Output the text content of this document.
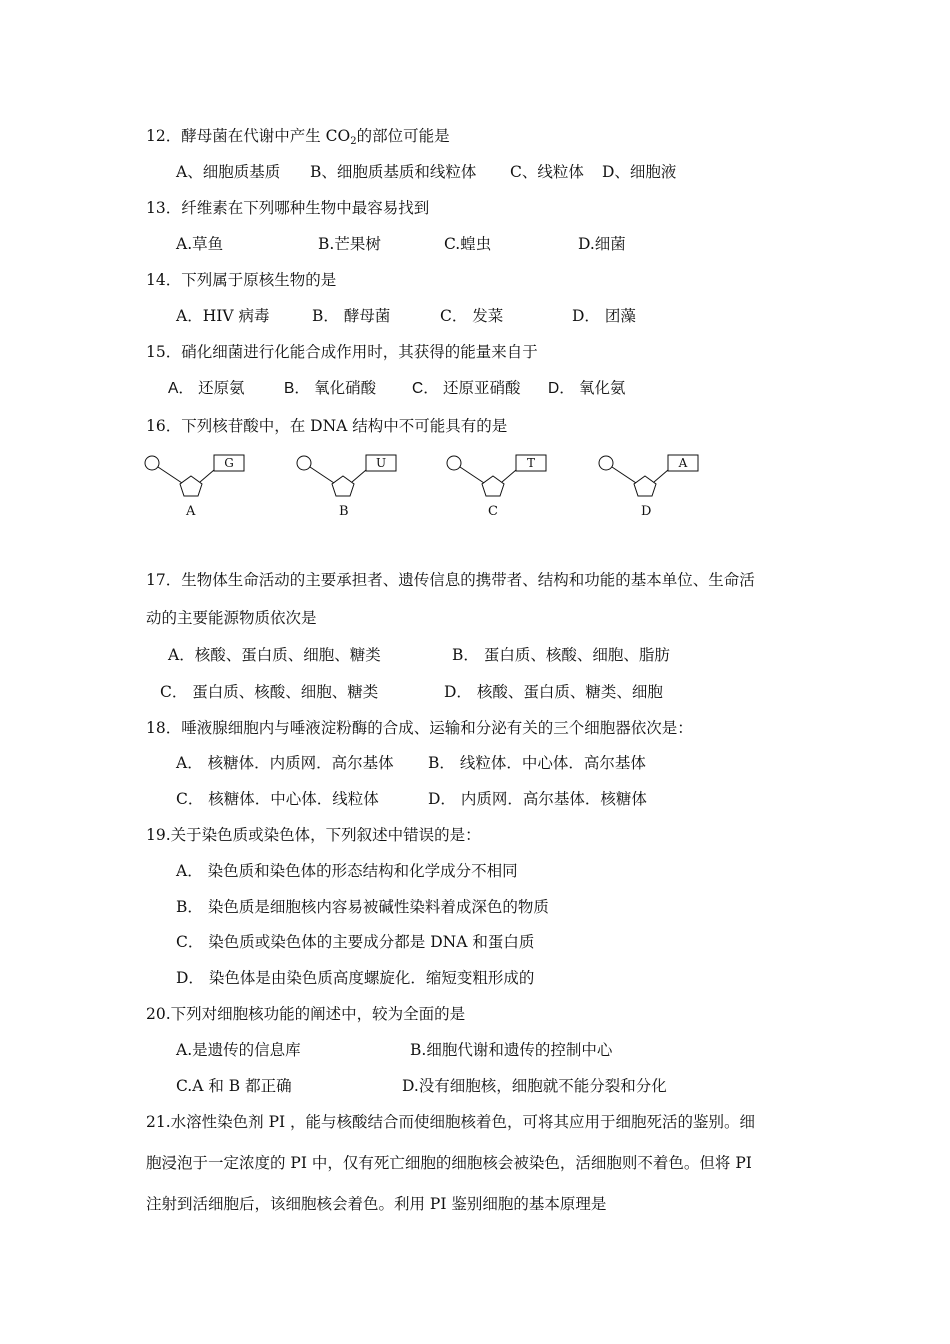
12．酵母菌在代谢中产生 $CO_2$的部位可能是
A、细胞质基质 B、细胞质基质和线粒体 C、线粒体 D、细胞液
13．纤维素在下列哪种生物中最容易找到
A.草鱼	B.芒果树	C.蝗虫	D.细菌
14．下列属于原核生物的是
A．HIV 病毒	B． 酵母菌	C． 发菜	D． 团藻
15．硝化细菌进行化能合成作用时，其获得的能量来自于
A． 还原氨	B． 氧化硝酸 C． 还原亚硝酸 D． 氧化氨
16．下列核苷酸中，在 DNA 结构中不可能具有的是
G
A
U
B
T
C
A
D
17．生物体生命活动的主要承担者、遗传信息的携带者、结构和功能的基本单位、生命活
动的主要能源物质依次是
A．核酸、蛋白质、细胞、糖类	B． 蛋白质、核酸、细胞、脂肪
C． 蛋白质、核酸、细胞、糖类	D． 核酸、蛋白质、糖类、细胞
18．唾液腺细胞内与唾液淀粉酶的合成、运输和分泌有关的三个细胞器依次是：
A． 核糖体．内质网．高尔基体 B． 线粒体．中心体．高尔基体
C． 核糖体．中心体．线粒体	D． 内质网．高尔基体．核糖体
19.关于染色质或染色体，下列叙述中错误的是：
A． 染色质和染色体的形态结构和化学成分不相同
B． 染色质是细胞核内容易被碱性染料着成深色的物质
C． 染色质或染色体的主要成分都是 DNA 和蛋白质
D． 染色体是由染色质高度螺旋化．缩短变粗形成的
20.下列对细胞核功能的阐述中，较为全面的是
A.是遗传的信息库	B.细胞代谢和遗传的控制中心
C.A 和 B 都正确	D.没有细胞核，细胞就不能分裂和分化
21.水溶性染色剂 PI ，能与核酸结合而使细胞核着色，可将其应用于细胞死活的鉴别。细
胞浸泡于一定浓度的 PI 中，仅有死亡细胞的细胞核会被染色，活细胞则不着色。但将 PI
注射到活细胞后，该细胞核会着色。利用 PI 鉴别细胞的基本原理是
